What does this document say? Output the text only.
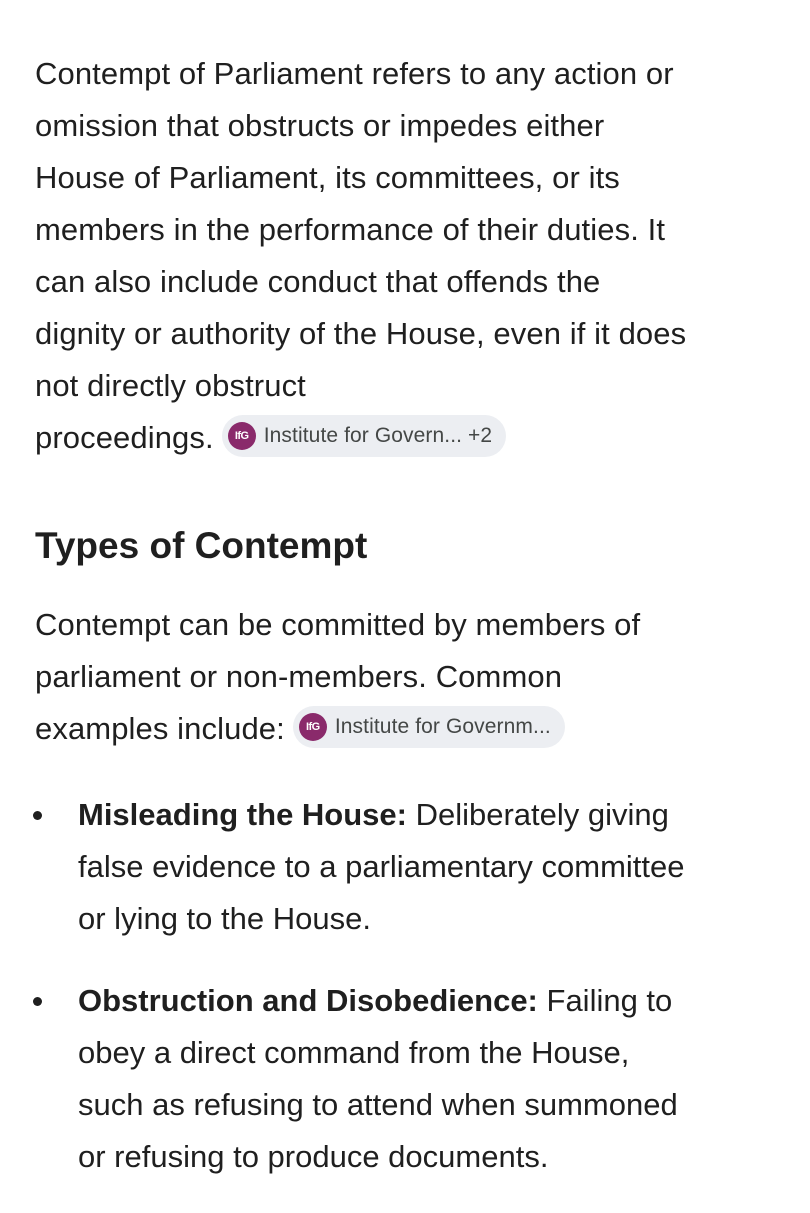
Contempt of Parliament refers to any action or
omission that obstructs or impedes either
House of Parliament, its committees, or its
members in the performance of their duties. It
can also include conduct that offends the
dignity or authority of the House, even if it does
not directly obstruct
proceedings.	IfG Institute for Govern... +2

Types of Contempt

Contempt can be committed by members of
parliament or non-members. Common
examples include:	IfG Institute for Governm...

Misleading the House: Deliberately giving
false evidence to a parliamentary committee
or lying to the House.
Obstruction and Disobedience: Failing to
obey a direct command from the House,
such as refusing to attend when summoned
or refusing to produce documents.
